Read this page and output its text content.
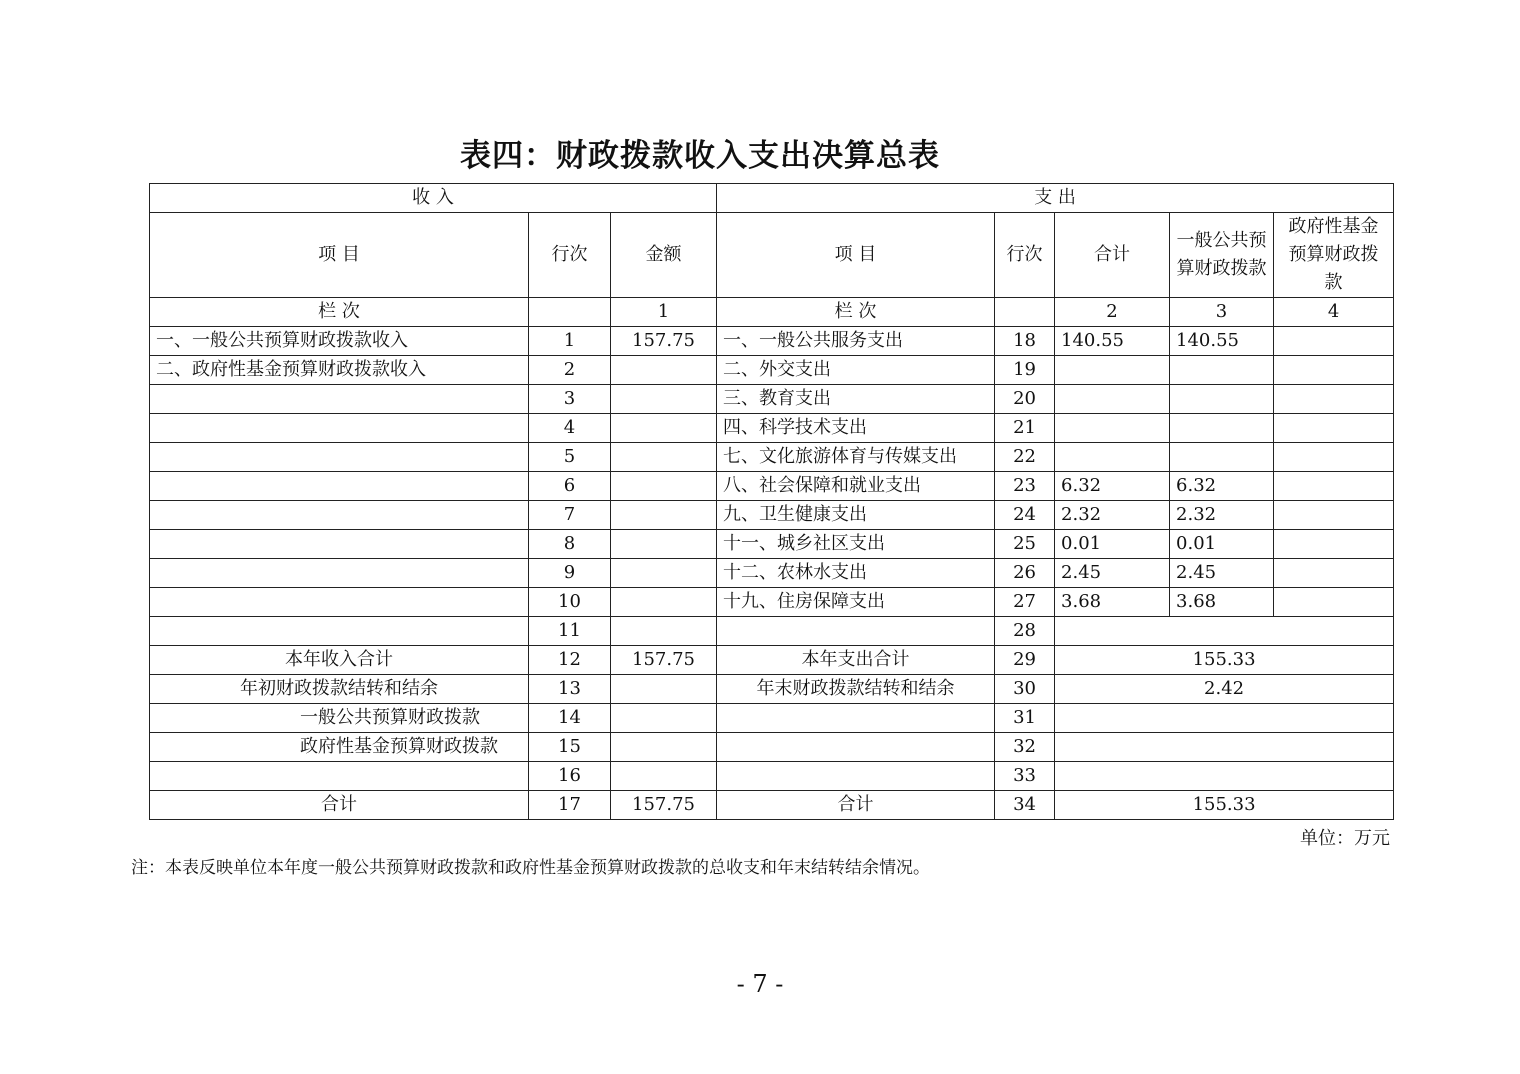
表四：财政拨款收入支出决算总表
收 入			支 出				
项 目	行次	金额	项 目	行次	合计	一般公共预算财政拨款	政府性基金预算财政拨款
栏 次		1	栏 次		2	3	4
一、一般公共预算财政拨款收入	1	157.75	一、一般公共服务支出	18	140.55	140.55	
二、政府性基金预算财政拨款收入	2		二、外交支出	19			
	3		三、教育支出	20			
	4		四、科学技术支出	21			
	5		七、文化旅游体育与传媒支出	22			
	6		八、社会保障和就业支出	23	6.32	6.32	
	7		九、卫生健康支出	24	2.32	2.32	
	8		十一、城乡社区支出	25	0.01	0.01	
	9		十二、农林水支出	26	2.45	2.45	
	10		十九、住房保障支出	27	3.68	3.68	
	11			28			
本年收入合计	12	157.75	本年支出合计	29	155.33		
年初财政拨款结转和结余	13		年末财政拨款结转和结余	30	2.42		
一般公共预算财政拨款	14			31			
政府性基金预算财政拨款	15			32			
	16			33			
合计	17	157.75	合计	34	155.33		
单位：万元
注：本表反映单位本年度一般公共预算财政拨款和政府性基金预算财政拨款的总收支和年末结转结余情况。
- 7 -
